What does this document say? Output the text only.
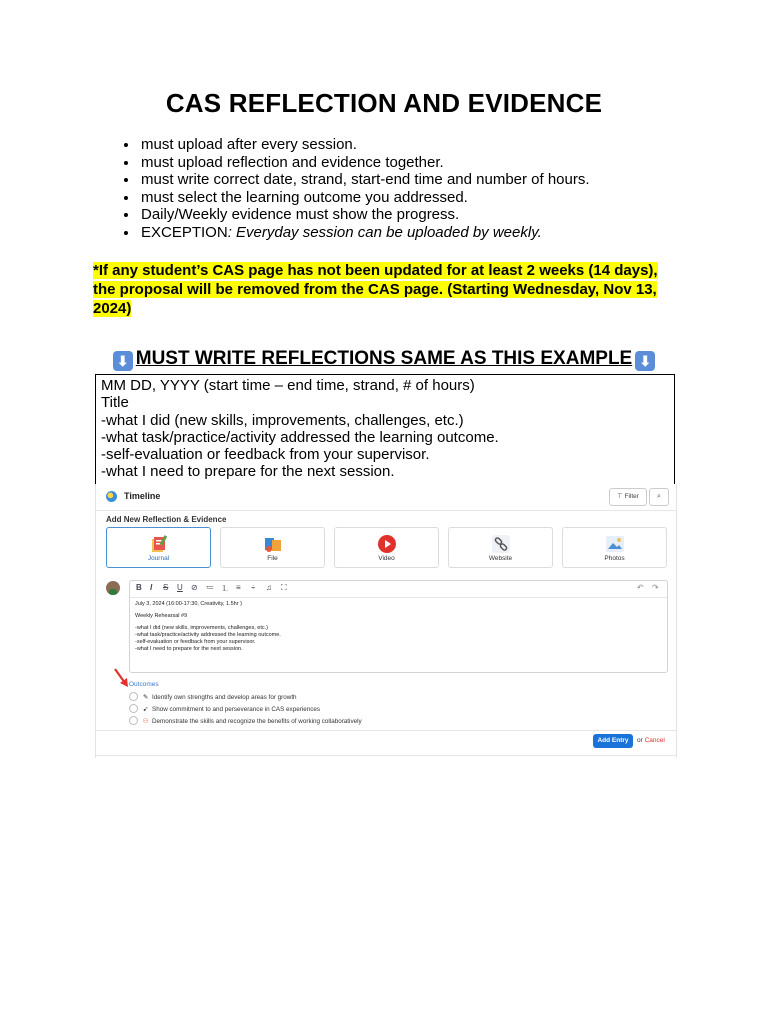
CAS REFLECTION AND EVIDENCE
• must upload after every session.
• must upload reflection and evidence together.
• must write correct date, strand, start-end time and number of hours.
• must select the learning outcome you addressed.
• Daily/Weekly evidence must show the progress.
• EXCEPTION: Everyday session can be uploaded by weekly.
*If any student’s CAS page has not been updated for at least 2 weeks (14 days), the proposal will be removed from the CAS page. (Starting Wednesday, Nov 13, 2024)
⬇ MUST WRITE REFLECTIONS SAME AS THIS EXAMPLE ⬇
MM DD, YYYY (start time – end time, strand, # of hours)
Title
-what I did (new skills, improvements, challenges, etc.)
-what task/practice/activity addressed the learning outcome.
-self-evaluation or feedback from your supervisor.
-what I need to prepare for the next session.
Timeline	⊤ Filter	⌕
Add New Reflection & Evidence
Journal	File	Video	Website	Photos
B I S U ⊘ ≔ ⒈ ≡ ÷ ♫ ⛶	↶ ↷
July 3, 2024 (16:00-17:30, Creativity, 1.5hr )
Weekly Rehearsal #9
-what I did (new skills, improvements, challenges, etc.)
-what task/practice/activity addressed the learning outcome.
-self-evaluation or feedback from your supervisor.
-what I need to prepare for the next session.
Outcomes
✎ Identify own strengths and develop areas for growth
➹ Show commitment to and perseverance in CAS experiences
⚇ Demonstrate the skills and recognize the benefits of working collaboratively
Add Entry	or Cancel
